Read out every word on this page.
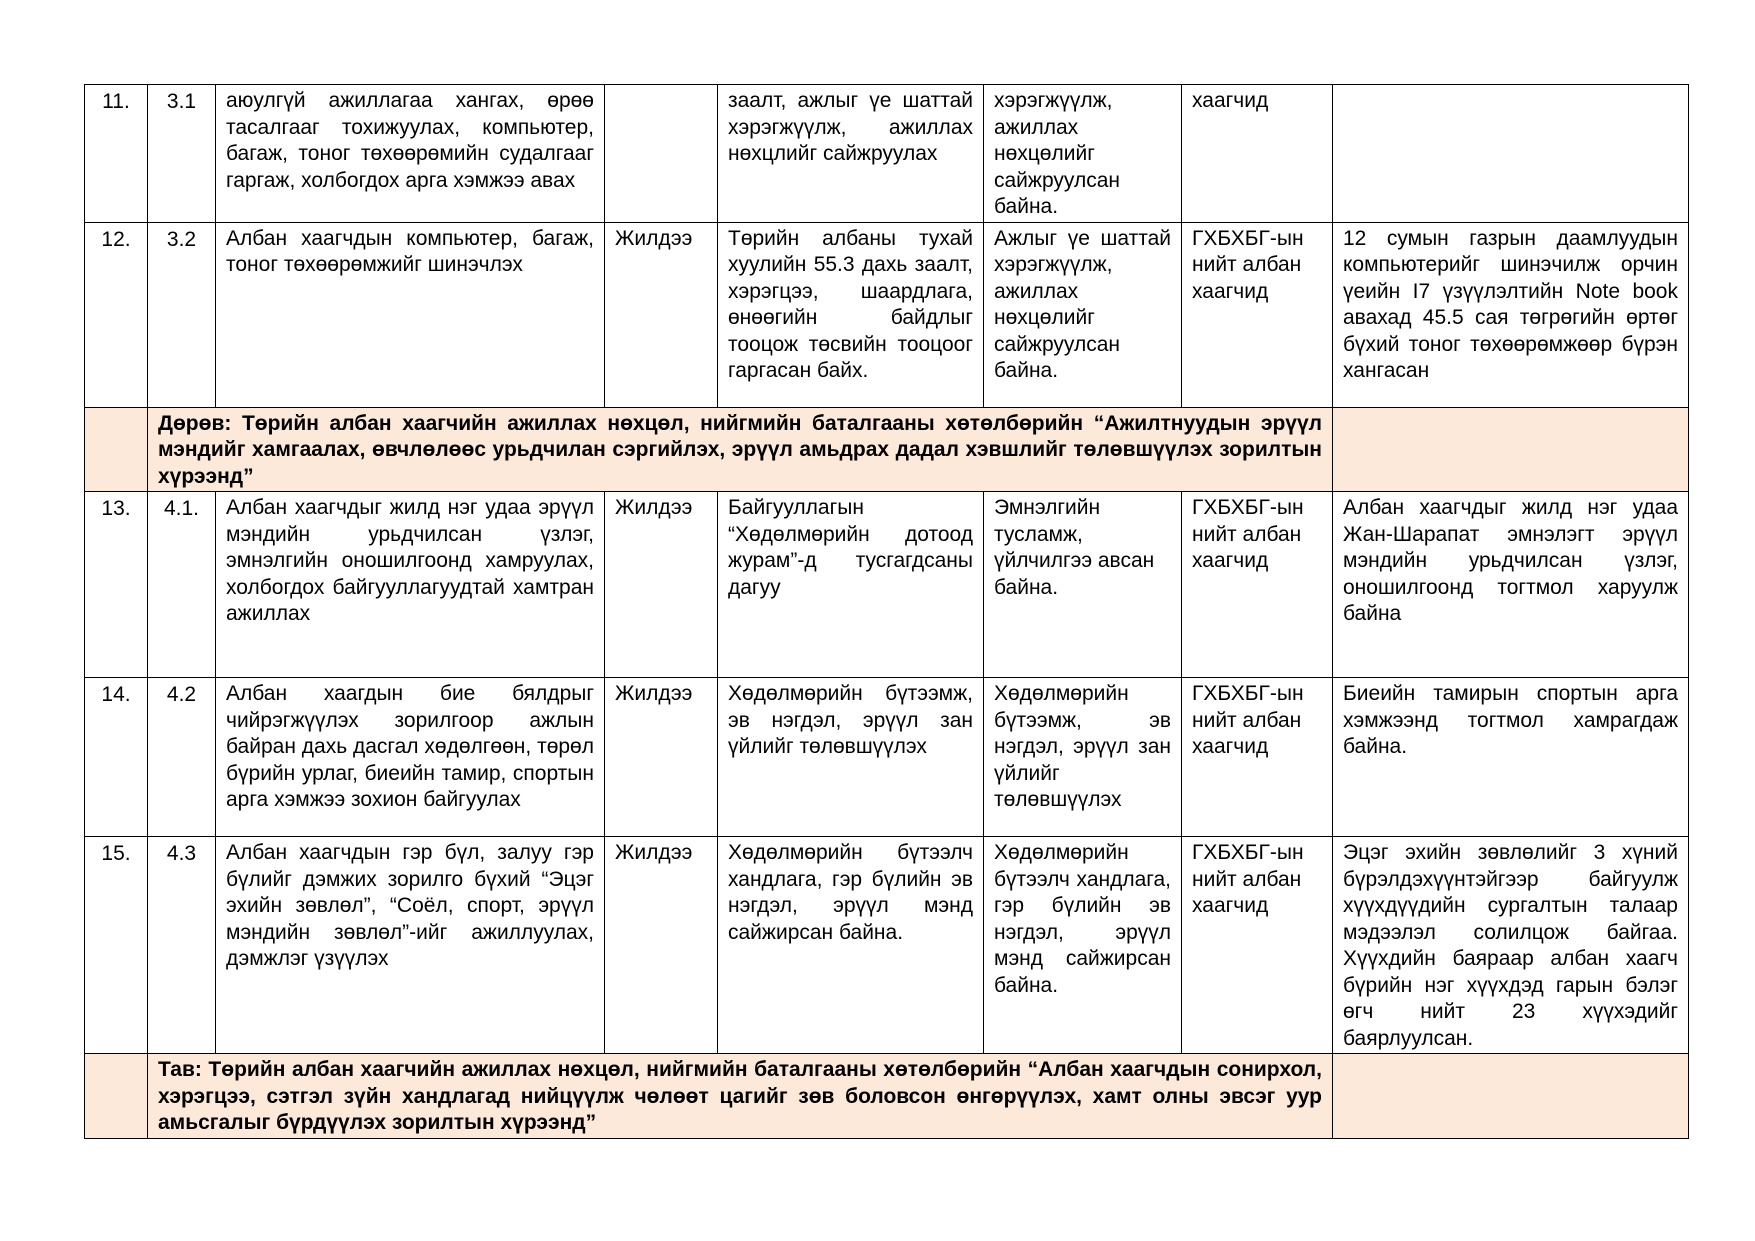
11.	3.1	аюулгүй ажиллагаа хангах, өрөө тасалгааг тохижуулах, компьютер, багаж, тоног төхөөрөмийн судалгааг гаргаж, холбогдох арга хэмжээ авах		заалт, ажлыг үе шаттай хэрэгжүүлж, ажиллах нөхцлийг сайжруулах	хэрэгжүүлж, ажиллах нөхцөлийг сайжруулсан байна.	хаагчид	
12.	3.2	Албан хаагчдын компьютер, багаж, тоног төхөөрөмжийг шинэчлэх	Жилдээ	Төрийн албаны тухай хуулийн 55.3 дахь заалт, хэрэгцээ, шаардлага, өнөөгийн байдлыг тооцож төсвийн тооцоог гаргасан байх.	Ажлыг үе шаттай хэрэгжүүлж, ажиллах нөхцөлийг сайжруулсан байна.	ГХБХБГ-ын нийт албан хаагчид	12 сумын газрын даамлуудын компьютерийг шинэчилж орчин үеийн I7 үзүүлэлтийн Note book авахад 45.5 сая төгрөгийн өртөг бүхий тоног төхөөрөмжөөр бүрэн хангасан
	Дөрөв: Төрийн албан хаагчийн ажиллах нөхцөл, нийгмийн баталгааны хөтөлбөрийн “Ажилтнуудын эрүүл мэндийг хамгаалах, өвчлөлөөс урьдчилан сэргийлэх, эрүүл амьдрах дадал хэвшлийг төлөвшүүлэх зорилтын хүрээнд”						
13.	4.1.	Албан хаагчдыг жилд нэг удаа эрүүл мэндийн урьдчилсан үзлэг, эмнэлгийн оношилгоонд хамруулах, холбогдох байгууллагуудтай хамтран ажиллах	Жилдээ	Байгууллагын “Хөдөлмөрийн дотоод журам”-д тусгагдсаны дагуу	Эмнэлгийн тусламж, үйлчилгээ авсан байна.	ГХБХБГ-ын нийт албан хаагчид	Албан хаагчдыг жилд нэг удаа Жан-Шарапат эмнэлэгт эрүүл мэндийн урьдчилсан үзлэг, оношилгоонд тогтмол харуулж байна
14.	4.2	Албан хаагдын бие бялдрыг чийрэгжүүлэх зорилгоор ажлын байран дахь дасгал хөдөлгөөн, төрөл бүрийн урлаг, биеийн тамир, спортын арга хэмжээ зохион байгуулах	Жилдээ	Хөдөлмөрийн бүтээмж, эв нэгдэл, эрүүл зан үйлийг төлөвшүүлэх	Хөдөлмөрийн бүтээмж, эв нэгдэл, эрүүл зан үйлийг төлөвшүүлэх	ГХБХБГ-ын нийт албан хаагчид	Биеийн тамирын спортын арга хэмжээнд тогтмол хамрагдаж байна.
15.	4.3	Албан хаагчдын гэр бүл, залуу гэр бүлийг дэмжих зорилго бүхий “Эцэг эхийн зөвлөл”, “Соёл, спорт, эрүүл мэндийн зөвлөл”-ийг ажиллуулах, дэмжлэг үзүүлэх	Жилдээ	Хөдөлмөрийн бүтээлч хандлага, гэр бүлийн эв нэгдэл, эрүүл мэнд сайжирсан байна.	Хөдөлмөрийн бүтээлч хандлага, гэр бүлийн эв нэгдэл, эрүүл мэнд сайжирсан байна.	ГХБХБГ-ын нийт албан хаагчид	Эцэг эхийн зөвлөлийг 3 хүний бүрэлдэхүүнтэйгээр байгуулж хүүхдүүдийн сургалтын талаар мэдээлэл солилцож байгаа. Хүүхдийн баяраар албан хаагч бүрийн нэг хүүхдэд гарын бэлэг өгч нийт 23 хүүхэдийг баярлуулсан.
	Тав: Төрийн албан хаагчийн ажиллах нөхцөл, нийгмийн баталгааны хөтөлбөрийн “Албан хаагчдын сонирхол, хэрэгцээ, сэтгэл зүйн хандлагад нийцүүлж чөлөөт цагийг зөв боловсон өнгөрүүлэх, хамт олны эвсэг уур амьсгалыг бүрдүүлэх зорилтын хүрээнд”						
